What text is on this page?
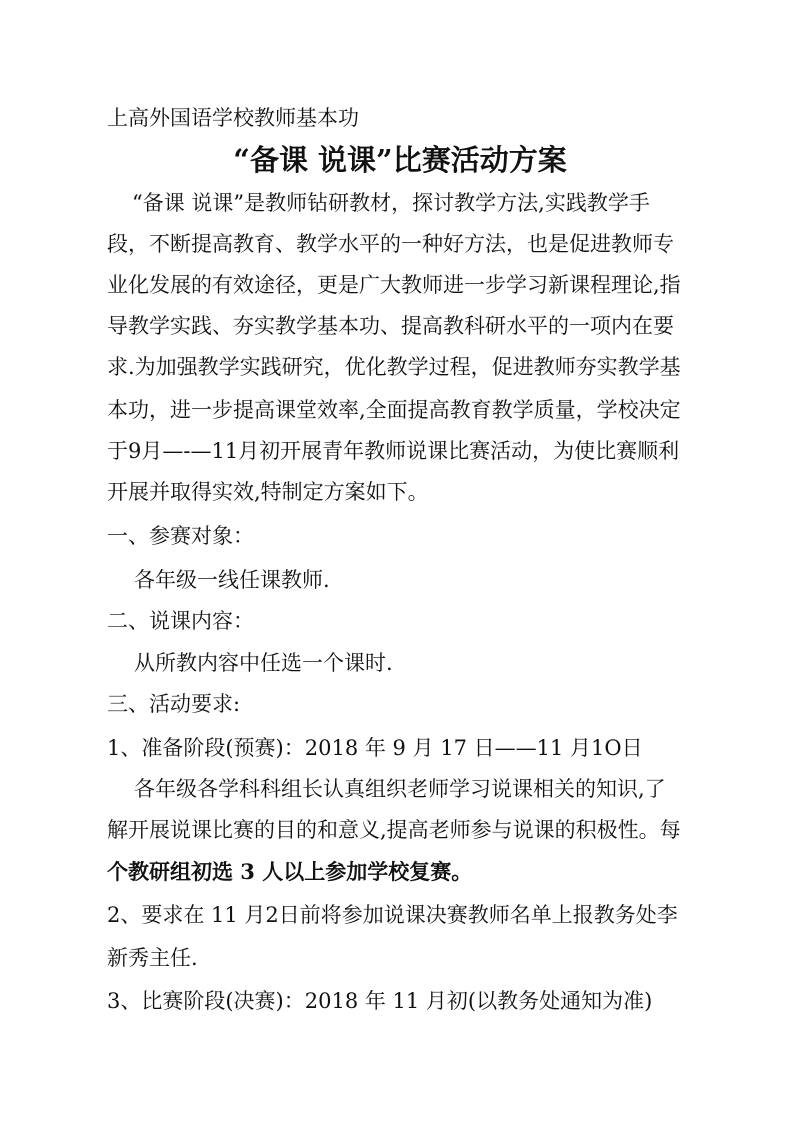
上高外国语学校教师基本功
“备课 说课”比赛活动方案
“备课 说课”是教师钻研教材，探讨教学方法,实践教学手
段，不断提高教育、教学水平的一种好方法，也是促进教师专
业化发展的有效途径，更是广大教师进一步学习新课程理论,指
导教学实践、夯实教学基本功、提高教科研水平的一项内在要
求.为加强教学实践研究，优化教学过程，促进教师夯实教学基
本功，进一步提高课堂效率,全面提高教育教学质量，学校决定
于9月—-—11月初开展青年教师说课比赛活动，为使比赛顺利
开展并取得实效,特制定方案如下。
一、参赛对象：
各年级一线任课教师.
二、说课内容：
从所教内容中任选一个课时.
三、活动要求:
1、准备阶段(预赛)：2018 年 9 月 17 日——11 月1O日
各年级各学科科组长认真组织老师学习说课相关的知识,了
解开展说课比赛的目的和意义,提高老师参与说课的积极性。每
个教研组初选 3 人以上参加学校复赛。
2、要求在 11 月2日前将参加说课决赛教师名单上报教务处李
新秀主任.
3、比赛阶段(决赛)：2018 年 11 月初(以教务处通知为准)
